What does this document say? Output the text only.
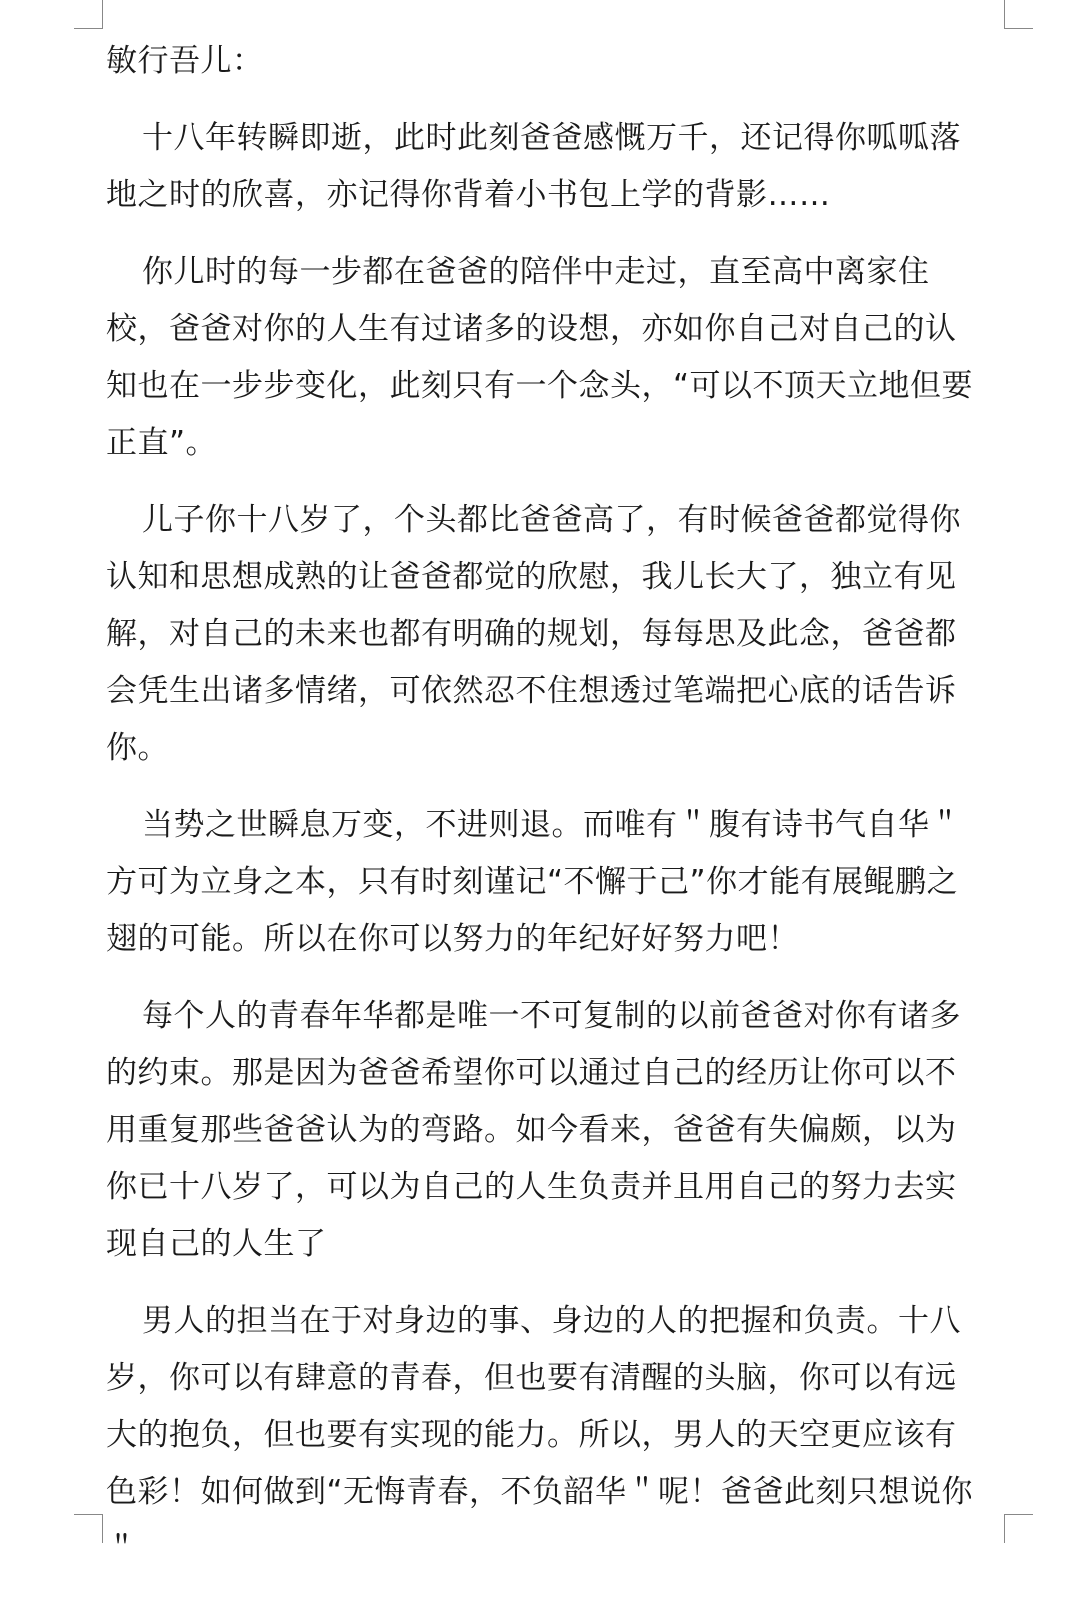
敏行吾儿：

十八年转瞬即逝，此时此刻爸爸感慨万千，还记得你呱呱落地之时的欣喜，亦记得你背着小书包上学的背影……

你儿时的每一步都在爸爸的陪伴中走过，直至高中离家住校，爸爸对你的人生有过诸多的设想，亦如你自己对自己的认知也在一步步变化，此刻只有一个念头，“可以不顶天立地但要正直”。

儿子你十八岁了，个头都比爸爸高了，有时候爸爸都觉得你认知和思想成熟的让爸爸都觉的欣慰，我儿长大了，独立有见解，对自己的未来也都有明确的规划，每每思及此念，爸爸都会凭生出诸多情绪，可依然忍不住想透过笔端把心底的话告诉你。

当势之世瞬息万变，不进则退。而唯有＂腹有诗书气自华＂方可为立身之本，只有时刻谨记“不懈于己”你才能有展鲲鹏之翅的可能。所以在你可以努力的年纪好好努力吧！

每个人的青春年华都是唯一不可复制的以前爸爸对你有诸多的约束。那是因为爸爸希望你可以通过自己的经历让你可以不用重复那些爸爸认为的弯路。如今看来，爸爸有失偏颇，以为你已十八岁了，可以为自己的人生负责并且用自己的努力去实现自己的人生了

男人的担当在于对身边的事、身边的人的把握和负责。十八岁，你可以有肆意的青春，但也要有清醒的头脑，你可以有远大的抱负，但也要有实现的能力。所以，男人的天空更应该有色彩！如何做到“无悔青春，不负韶华＂呢！爸爸此刻只想说你＂
